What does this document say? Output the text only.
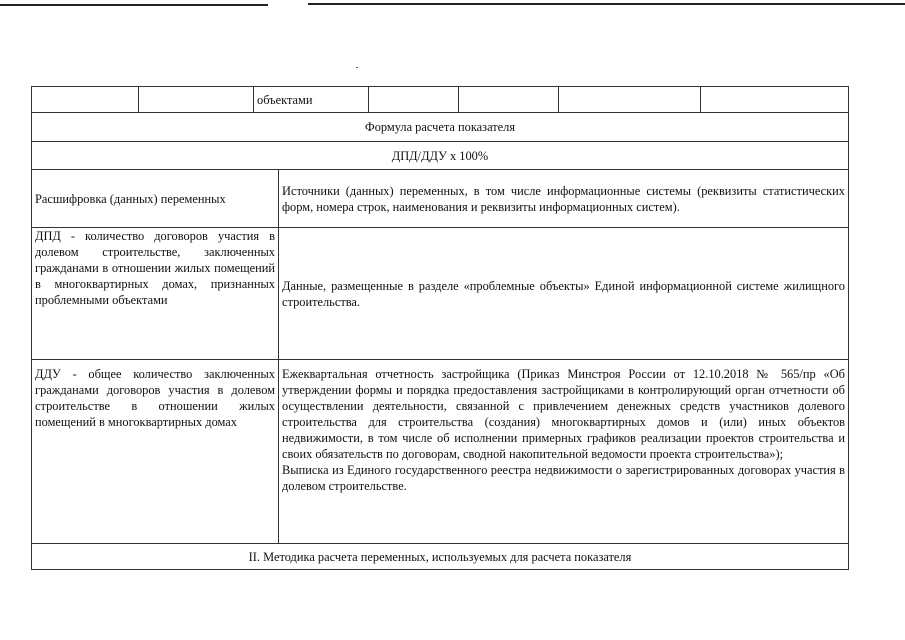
		объектами					
Формула расчета показателя							
ДПД/ДДУ х 100%							
Расшифровка (данных) переменных			Источники (данных) переменных, в том числе информационные системы (реквизиты статистических форм, номера строк, наименования и реквизиты информационных систем).				
ДПД - количество договоров участия в долевом строительстве, заключенных гражданами в отношении жилых помещений в многоквартирных домах, признанных проблемными объектами			Данные, размещенные в разделе «проблемные объекты» Единой информационной системе жилищного строительства.				
ДДУ - общее количество заключенных гражданами договоров участия в долевом строительстве в отношении жилых помещений в многоквартирных домах			Ежеквартальная отчетность застройщика (Приказ Минстроя России от 12.10.2018 № 565/пр «Об утверждении формы и порядка предоставления застройщиками в контролирующий орган отчетности об осуществлении деятельности, связанной с привлечением денежных средств участников долевого строительства для строительства (создания) многоквартирных домов и (или) иных объектов недвижимости, в том числе об исполнении примерных графиков реализации проектов строительства и своих обязательств по договорам, сводной накопительной ведомости проекта строительства»);
Выписка из Единого государственного реестра недвижимости о зарегистрированных договорах участия в долевом строительстве.				

II. Методика расчета переменных, используемых для расчета показателя							
